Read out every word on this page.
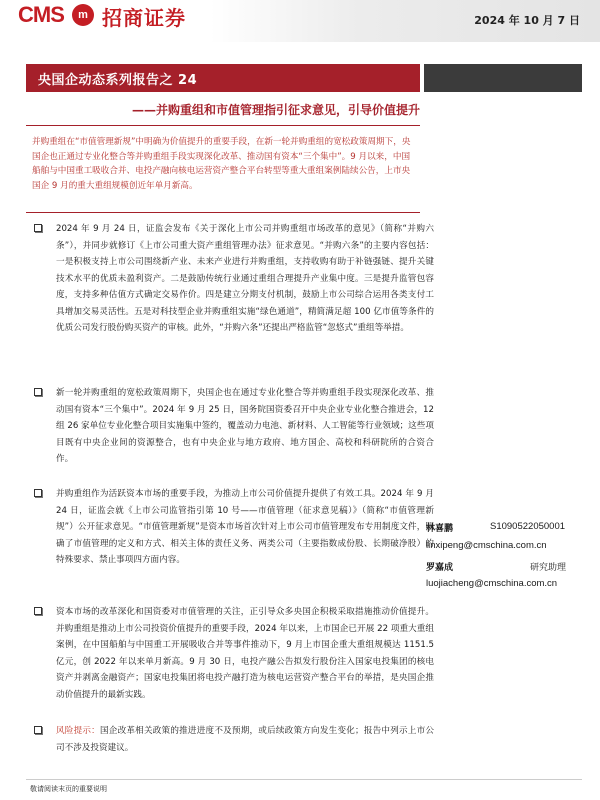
CMS	m 招商证券	2024 年 10 月 7 日
央国企动态系列报告之 24
——并购重组和市值管理指引征求意见，引导价值提升
并购重组在“市值管理新规”中明确为价值提升的重要手段，在新一轮并购重组的宽松政策周期下，央国企也正通过专业化整合等并购重组手段实现深化改革、推动国有资本“三个集中”。9 月以来，中国船舶与中国重工吸收合并、电投产融向核电运营资产整合平台转型等重大重组案例陆续公告，上市央国企 9 月的重大重组规模创近年单月新高。
2024 年 9 月 24 日，证监会发布《关于深化上市公司并购重组市场改革的意见》（简称“并购六条”），并同步就修订《上市公司重大资产重组管理办法》征求意见。“并购六条”的主要内容包括：一是积极支持上市公司围绕新产业、未来产业进行并购重组，支持收购有助于补链强链、提升关键技术水平的优质未盈利资产。二是鼓励传统行业通过重组合理提升产业集中度。三是提升监管包容度，支持多种估值方式确定交易作价。四是建立分期支付机制，鼓励上市公司综合运用各类支付工具增加交易灵活性。五是对科技型企业并购重组实施“绿色通道”，精简满足超 100 亿市值等条件的优质公司发行股份购买资产的审核。此外，“并购六条”还提出严格监管“忽悠式”重组等举措。
新一轮并购重组的宽松政策周期下，央国企也在通过专业化整合等并购重组手段实现深化改革、推动国有资本“三个集中”。2024 年 9 月 25 日，国务院国资委召开中央企业专业化整合推进会，12 组 26 家单位专业化整合项目实施集中签约，覆盖动力电池、新材料、人工智能等行业领域；这些项目既有中央企业间的资源整合，也有中央企业与地方政府、地方国企、高校和科研院所的合资合作。
并购重组作为活跃资本市场的重要手段，为推动上市公司价值提升提供了有效工具。2024 年 9 月 24 日，证监会就《上市公司监管指引第 10 号——市值管理（征求意见稿）》（简称“市值管理新规”）公开征求意见。“市值管理新规”是资本市场首次针对上市公司市值管理发布专用制度文件，明确了市值管理的定义和方式、相关主体的责任义务、两类公司（主要指数成份股、长期破净股）的特殊要求、禁止事项四方面内容。
资本市场的改革深化和国资委对市值管理的关注，正引导众多央国企积极采取措施推动价值提升。并购重组是推动上市公司投资价值提升的重要手段，2024 年以来，上市国企已开展 22 项重大重组案例，在中国船舶与中国重工开展吸收合并等事件推动下，9 月上市国企重大重组规模达 1151.5 亿元，创 2022 年以来单月新高。9 月 30 日，电投产融公告拟发行股份注入国家电投集团的核电资产并剥离金融资产；国家电投集团将电投产融打造为核电运营资产整合平台的举措，是央国企推动价值提升的最新实践。
风险提示：国企改革相关政策的推进进度不及预期，或后续政策方向发生变化；报告中列示上市公司不涉及投资建议。
林喜鹏	S1090522050001
linxipeng@cmschina.com.cn
罗嘉成	研究助理
luojiacheng@cmschina.com.cn
敬请阅读末页的重要说明
